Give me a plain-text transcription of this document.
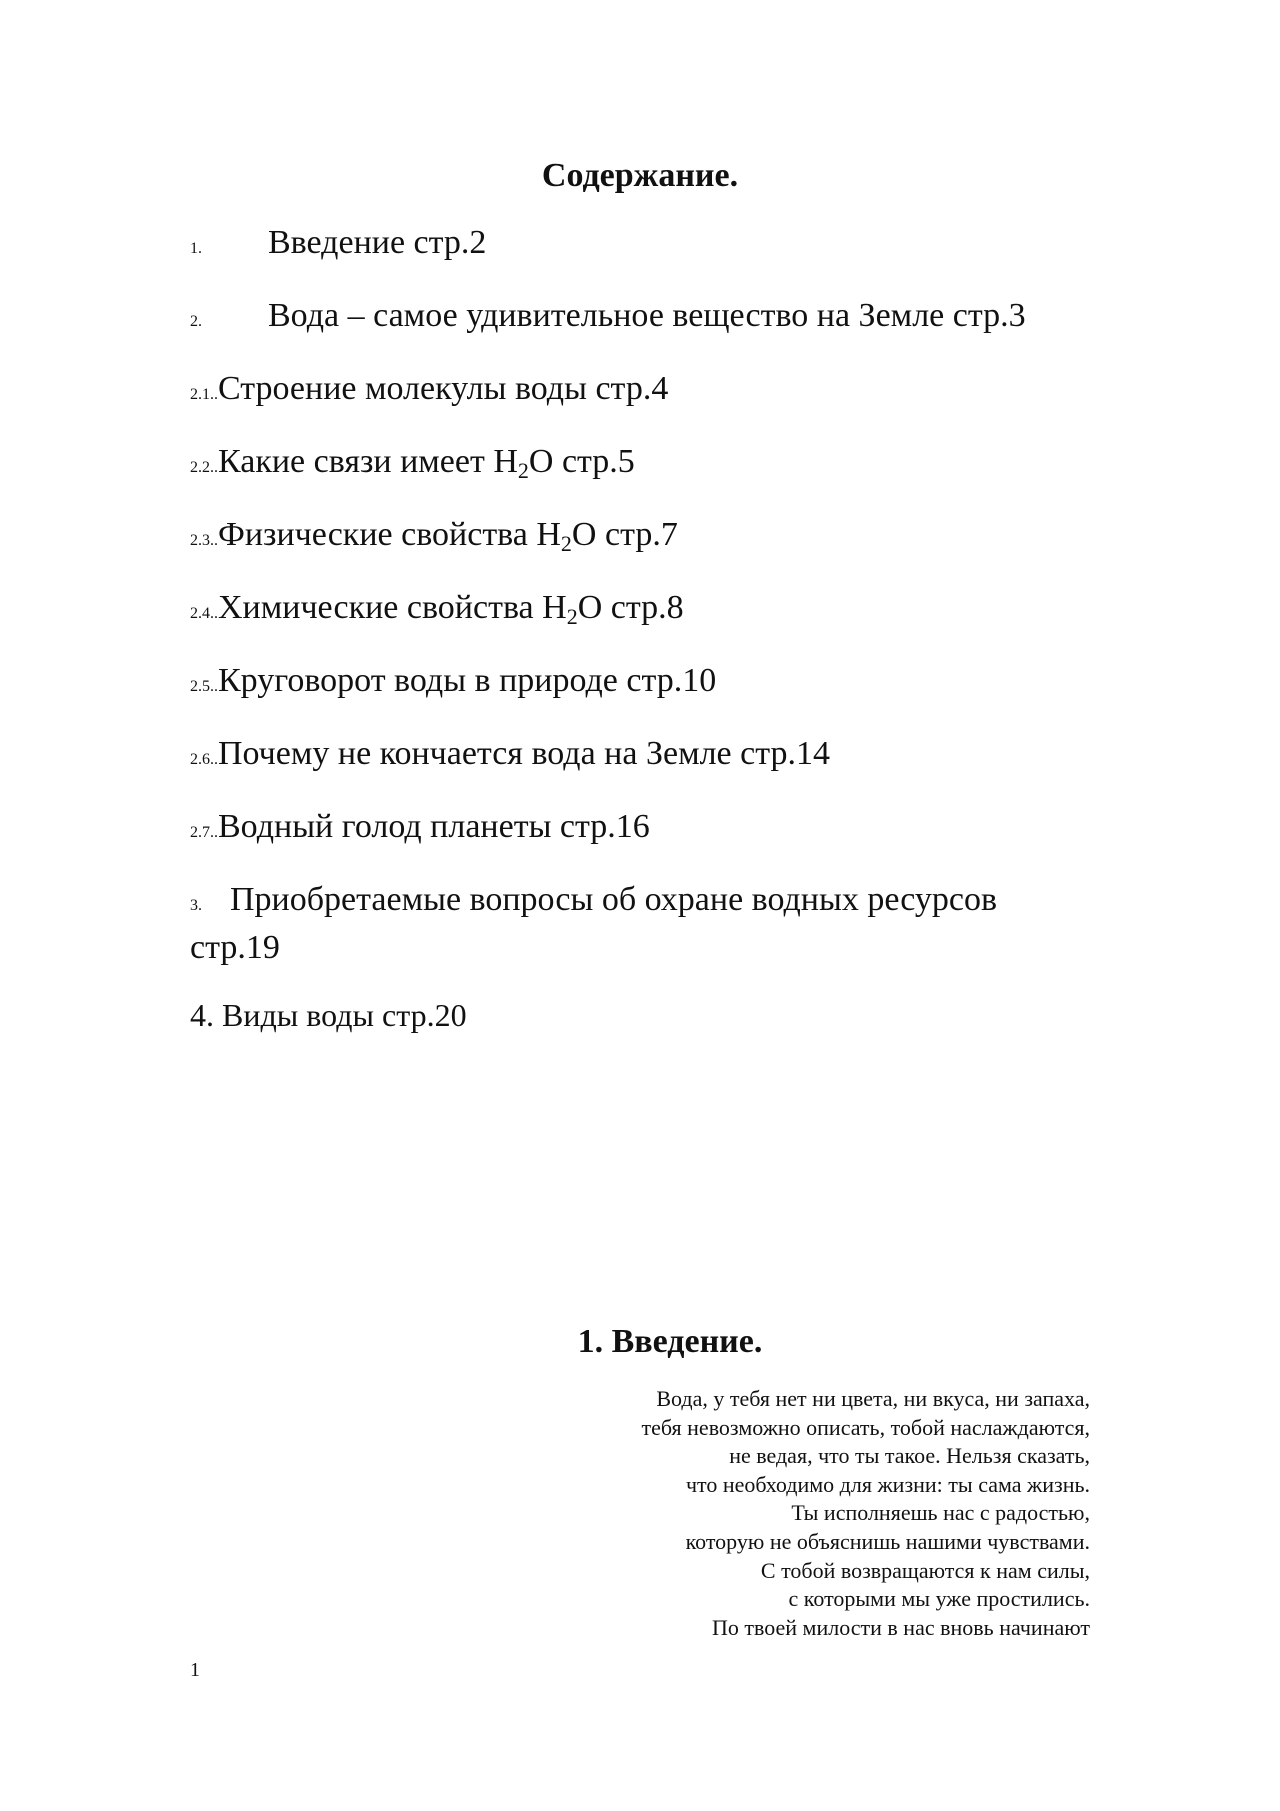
Содержание.
1. Введение стр.2
2. Вода – самое удивительное вещество на Земле стр.3
2.1..Строение молекулы воды стр.4
2.2..Какие связи имеет $H_2O$ стр.5
2.3..Физические свойства $H_2O$ стр.7
2.4..Химические свойства $H_2O$ стр.8
2.5..Круговорот воды в природе стр.10
2.6..Почему не кончается вода на Земле стр.14
2.7..Водный голод планеты стр.16
3. Приобретаемые вопросы об охране водных ресурсов стр.19
4. Виды воды стр.20
1. Введение.
Вода, у тебя нет ни цвета, ни вкуса, ни запаха,
тебя невозможно описать, тобой наслаждаются,
не ведая, что ты такое. Нельзя сказать,
что необходимо для жизни: ты сама жизнь.
Ты исполняешь нас с радостью,
которую не объяснишь нашими чувствами.
С тобой возвращаются к нам силы,
с которыми мы уже простились.
По твоей милости в нас вновь начинают
1
